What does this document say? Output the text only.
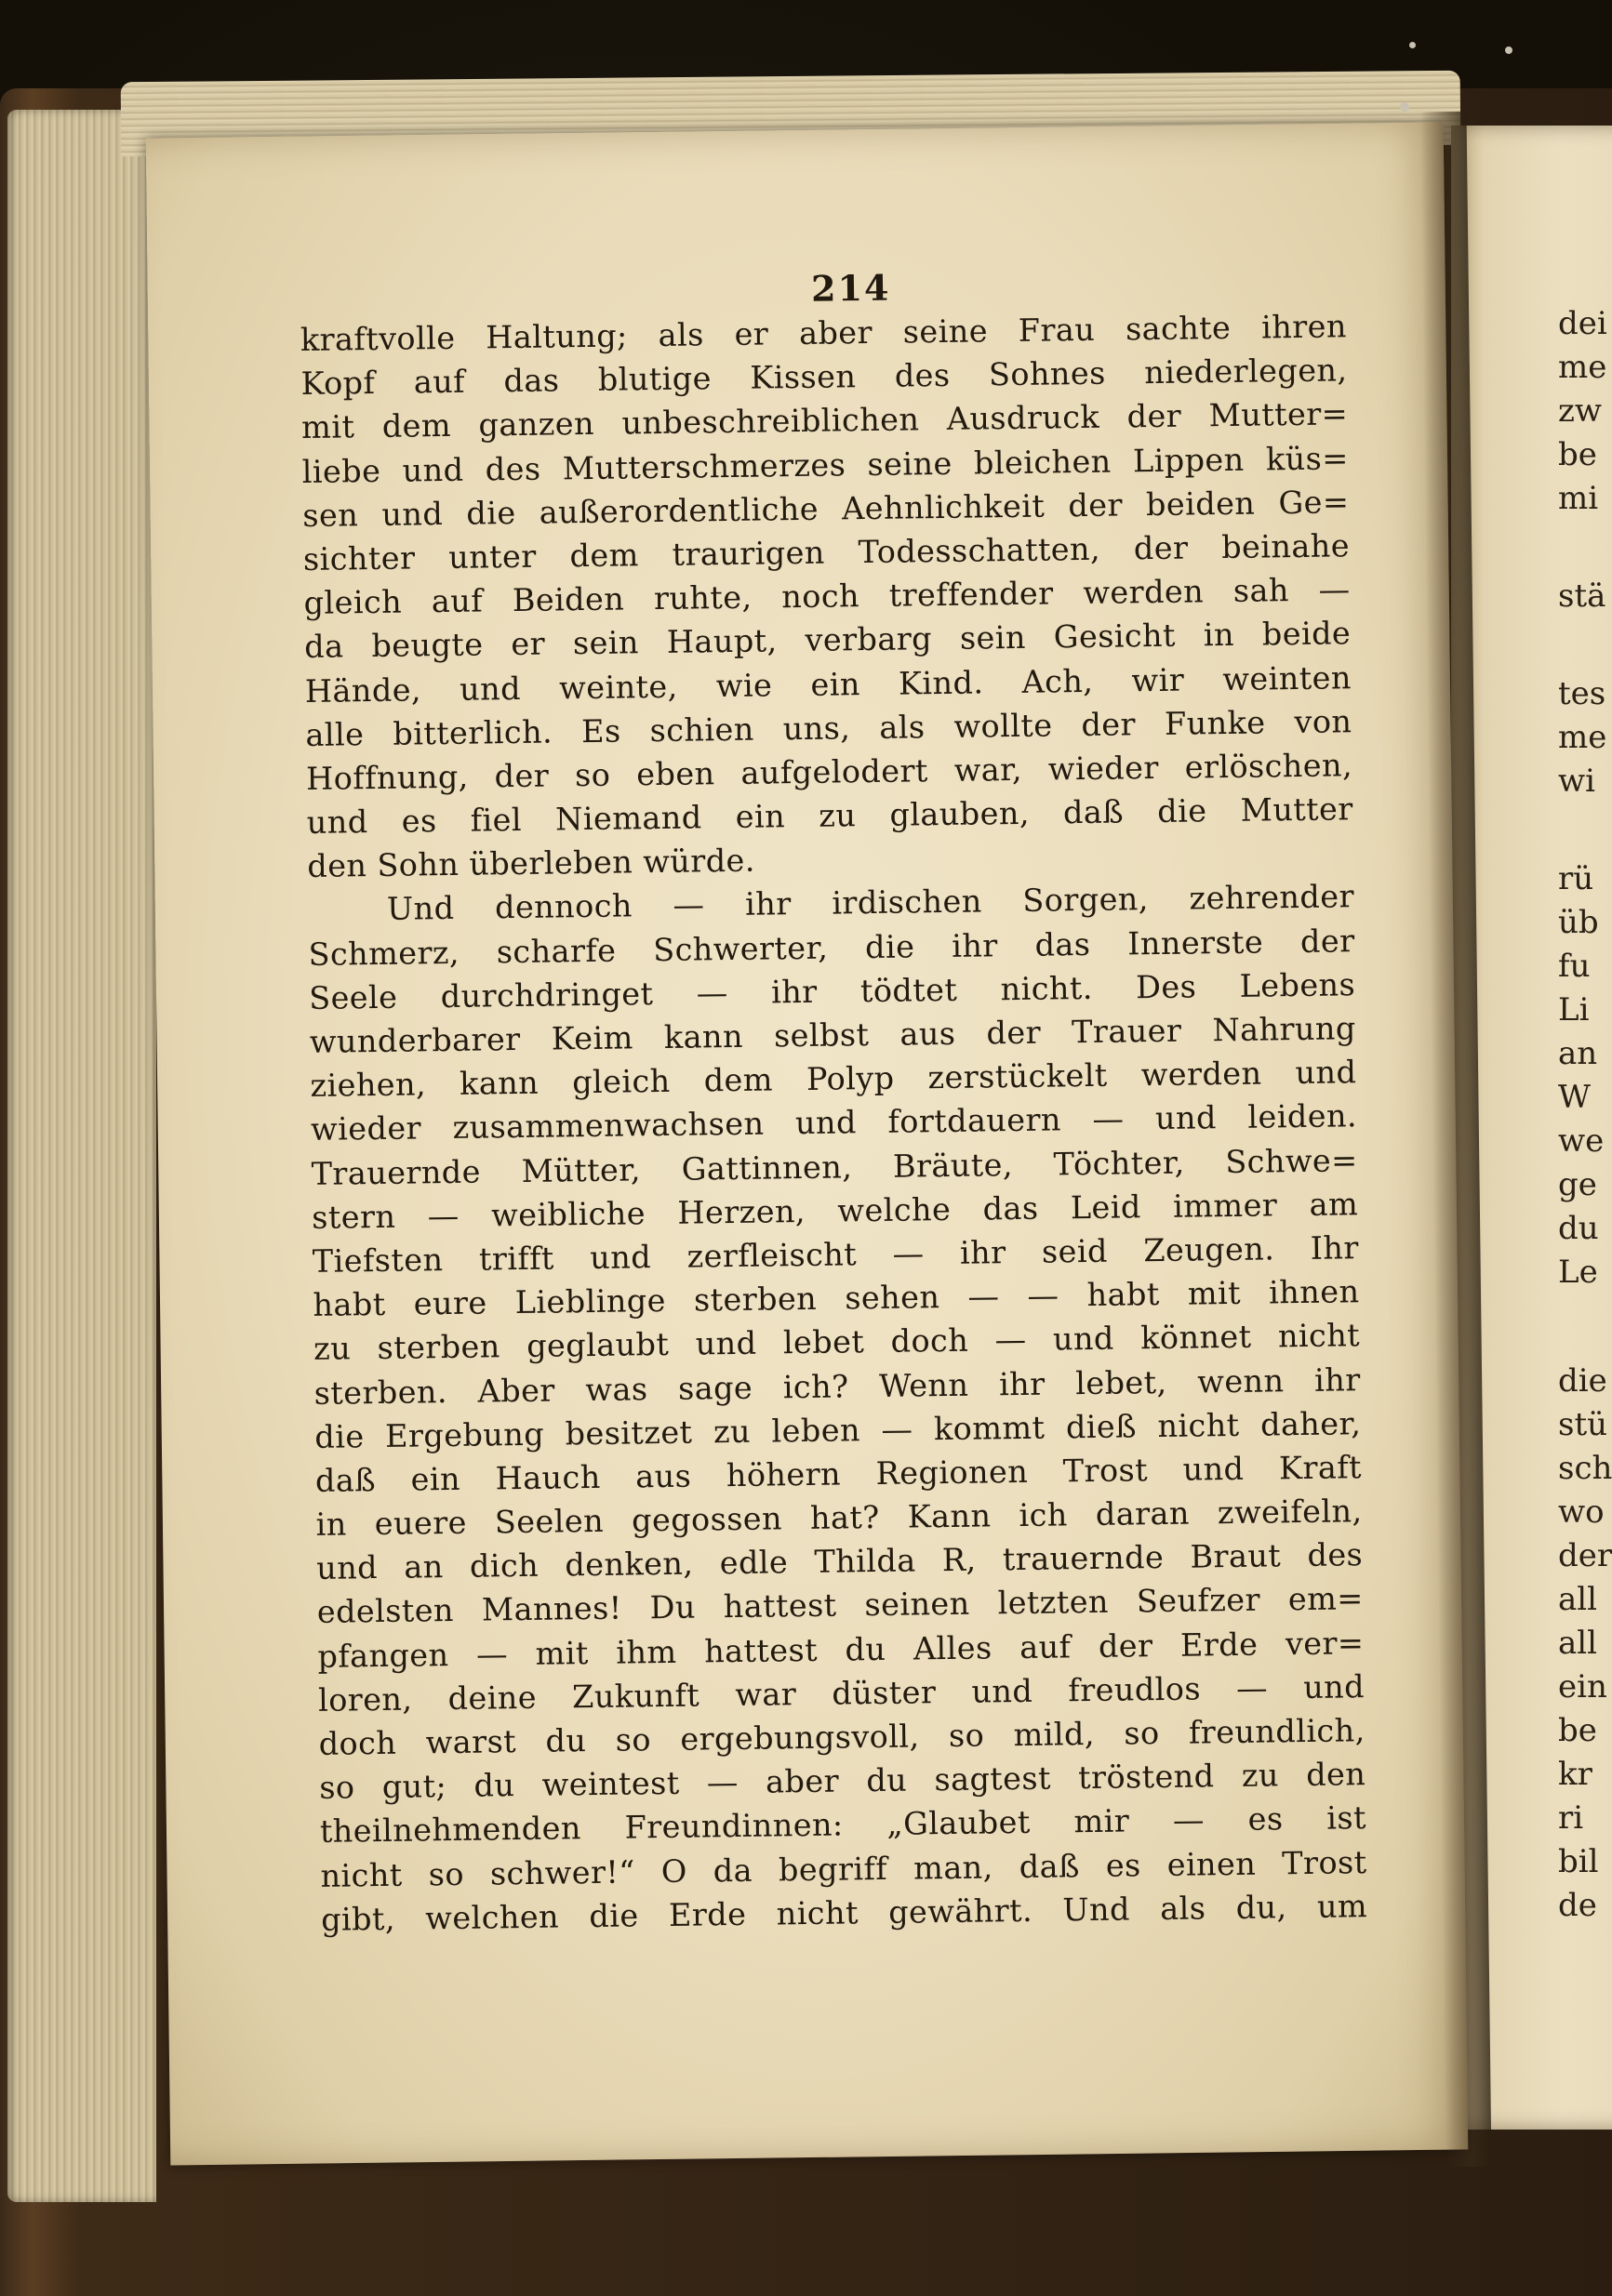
dei
me
zw
be
mi
stä
tes
me
wi
rü
üb
fu
Li
an
W
we
ge
du
Le
die
stü
sch
wo
der
all
all
ein
be
kr
ri
bil
de
214
kraftvolle Haltung; als er aber seine Frau sachte ihren
Kopf auf das blutige Kissen des Sohnes niederlegen,
mit dem ganzen unbeschreiblichen Ausdruck der Mutter=
liebe und des Mutterschmerzes seine bleichen Lippen küs=
sen und die außerordentliche Aehnlichkeit der beiden Ge=
sichter unter dem traurigen Todesschatten, der beinahe
gleich auf Beiden ruhte, noch treffender werden sah —
da beugte er sein Haupt, verbarg sein Gesicht in beide
Hände, und weinte, wie ein Kind. Ach, wir weinten
alle bitterlich. Es schien uns, als wollte der Funke von
Hoffnung, der so eben aufgelodert war, wieder erlöschen,
und es fiel Niemand ein zu glauben, daß die Mutter
den Sohn überleben würde.
Und dennoch — ihr irdischen Sorgen, zehrender
Schmerz, scharfe Schwerter, die ihr das Innerste der
Seele durchdringet — ihr tödtet nicht. Des Lebens
wunderbarer Keim kann selbst aus der Trauer Nahrung
ziehen, kann gleich dem Polyp zerstückelt werden und
wieder zusammenwachsen und fortdauern — und leiden.
Trauernde Mütter, Gattinnen, Bräute, Töchter, Schwe=
stern — weibliche Herzen, welche das Leid immer am
Tiefsten trifft und zerfleischt — ihr seid Zeugen. Ihr
habt eure Lieblinge sterben sehen — — habt mit ihnen
zu sterben geglaubt und lebet doch — und könnet nicht
sterben. Aber was sage ich? Wenn ihr lebet, wenn ihr
die Ergebung besitzet zu leben — kommt dieß nicht daher,
daß ein Hauch aus höhern Regionen Trost und Kraft
in euere Seelen gegossen hat? Kann ich daran zweifeln,
und an dich denken, edle Thilda R, trauernde Braut des
edelsten Mannes! Du hattest seinen letzten Seufzer em=
pfangen — mit ihm hattest du Alles auf der Erde ver=
loren, deine Zukunft war düster und freudlos — und
doch warst du so ergebungsvoll, so mild, so freundlich,
so gut; du weintest — aber du sagtest tröstend zu den
theilnehmenden Freundinnen: „Glaubet mir — es ist
nicht so schwer!“ O da begriff man, daß es einen Trost
gibt, welchen die Erde nicht gewährt. Und als du, um
